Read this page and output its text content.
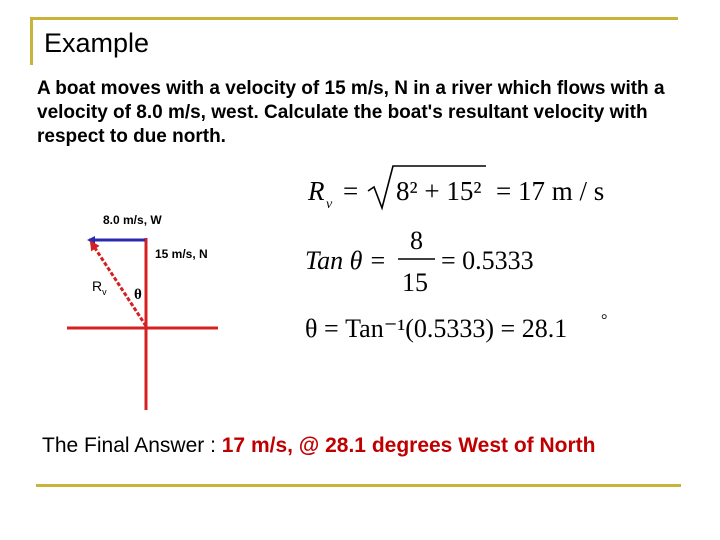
Example
A boat moves with a velocity of 15 m/s, N in a river which flows with a velocity of 8.0 m/s, west. Calculate the boat's resultant velocity with respect to due north.
8.0 m/s, W
15 m/s, N
$R_v$ θ
R v = 8² + 15² = 17 m / s
Tan θ =
8
15
= 0.5333
θ = Tan⁻¹(0.5333) = 28.1 °
The Final Answer : 17 m/s, @ 28.1 degrees West of North
